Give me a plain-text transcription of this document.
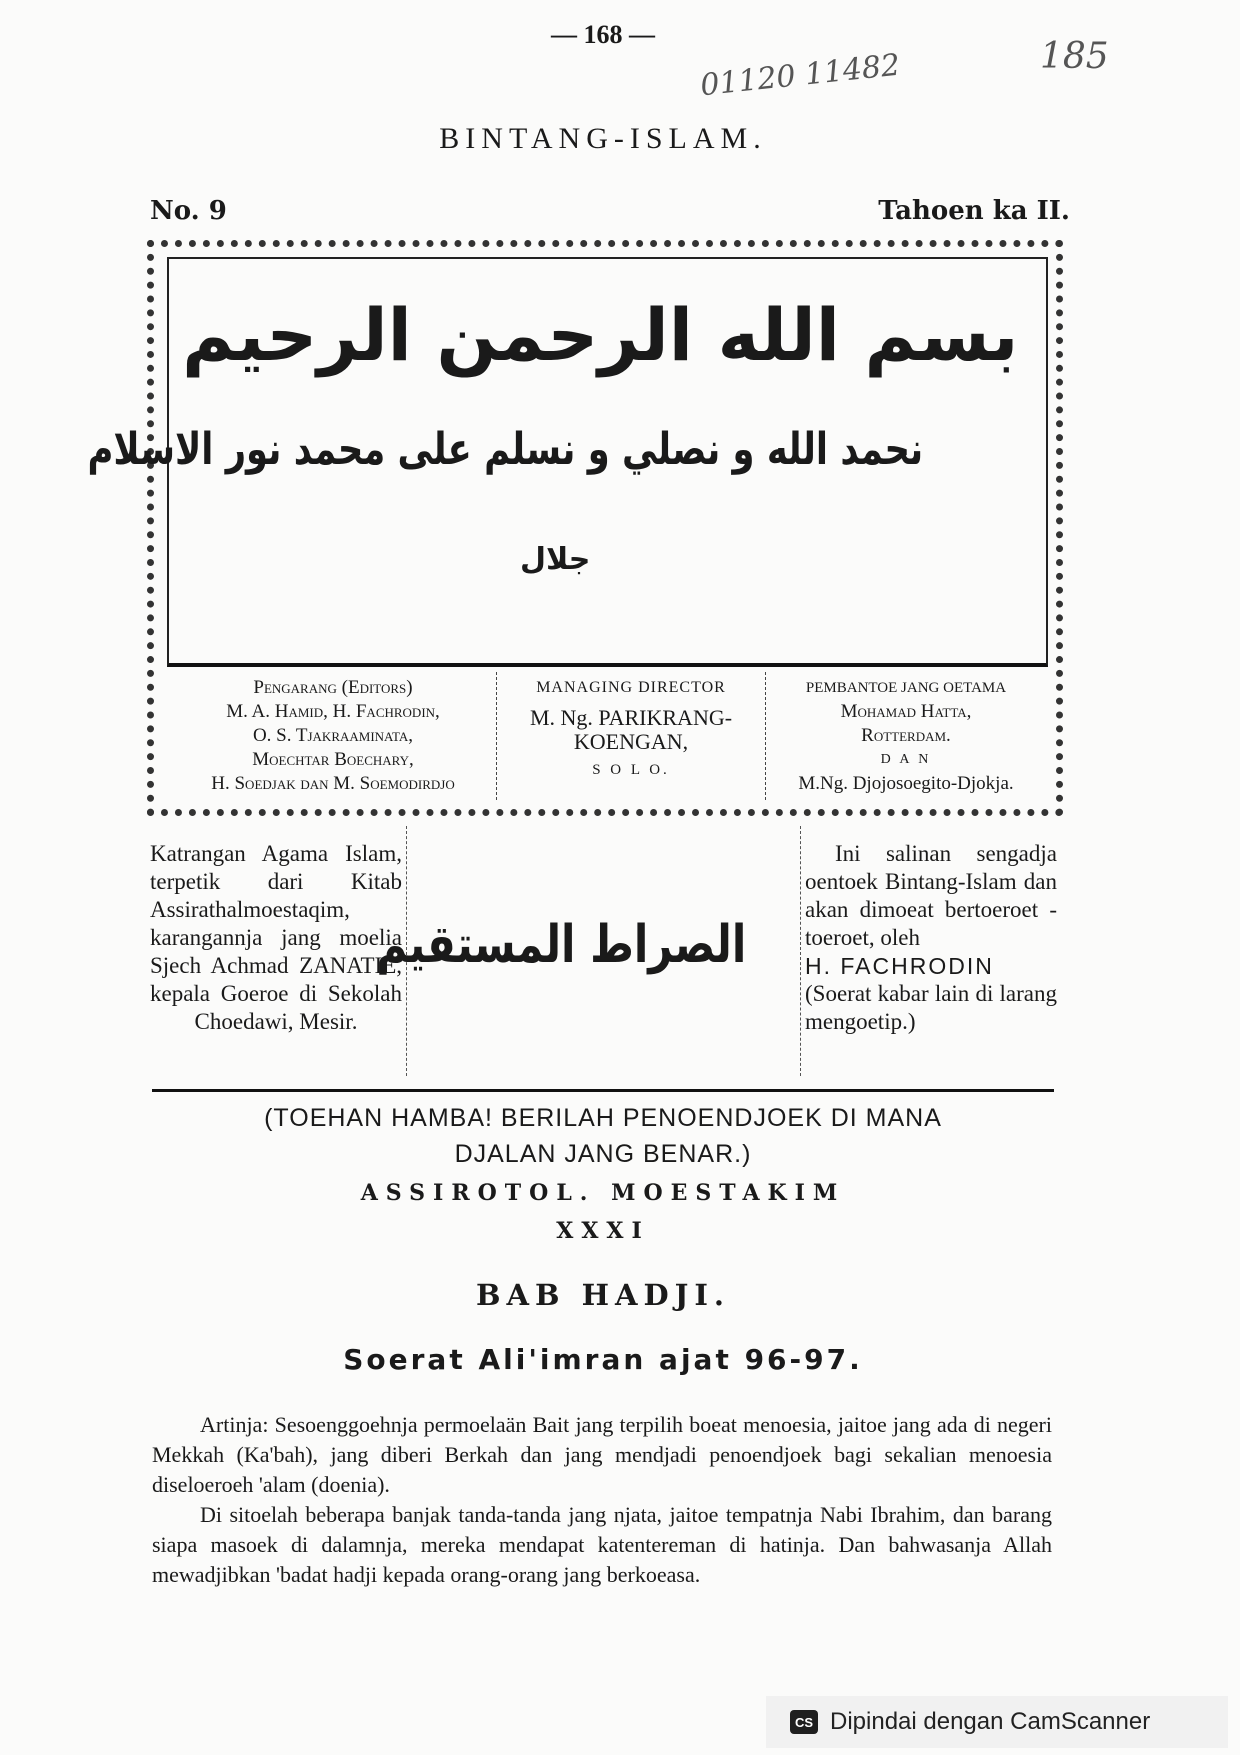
— 168 —
01120 11482	185
BINTANG-ISLAM.
No. 9	Tahoen ka II.
بسم الله الرحمن الرحيم
نحمد الله و نصلي و نسلم على محمد نور الاسلام
جلال
Pengarang (Editors)
M. A. Hamid, H. Fachrodin,
O. S. Tjakraaminata,
Moechtar Boechary,
H. Soedjak dan M. Soemodirdjo
MANAGING DIRECTOR
M. Ng. PARIKRANG-
KOENGAN,
S O L O.
PEMBANTOE JANG OETAMA
Mohamad Hatta,
Rotterdam.
D A N
M.Ng. Djojosoegito-Djokja.
Katrangan Agama Islam, terpetik dari Kitab Assirathalmoestaqim, karangannja jang moelia Sjech Achmad ZANATIE, kepala Goeroe di Sekolah Choedawi, Mesir.
الصراط المستقيم
Ini salinan sengadja oentoek Bintang-Islam dan akan dimoeat bertoeroet - toeroet, oleh
H. FACHRODIN
(Soerat kabar lain di larang mengoetip.)
(TOEHAN HAMBA! BERILAH PENOENDJOEK DI MANA
DJALAN JANG BENAR.)
ASSIROTOL. MOESTAKIM
XXXI
BAB HADJI.
Soerat Ali'imran ajat 96-97.

Artinja: Sesoenggoehnja permoelaän Bait jang terpilih boeat menoesia, jaitoe jang ada di negeri Mekkah (Ka'bah), jang diberi Berkah dan jang mendjadi penoendjoek bagi sekalian menoesia diseloeroeh 'alam (doenia).

Di sitoelah beberapa banjak tanda-tanda jang njata, jaitoe tempatnja Nabi Ibrahim, dan barang siapa masoek di dalamnja, mereka mendapat katentereman di hatinja. Dan bahwasanja Allah mewadjibkan 'badat hadji kepada orang-orang jang berkoeasa.

CS Dipindai dengan CamScanner
